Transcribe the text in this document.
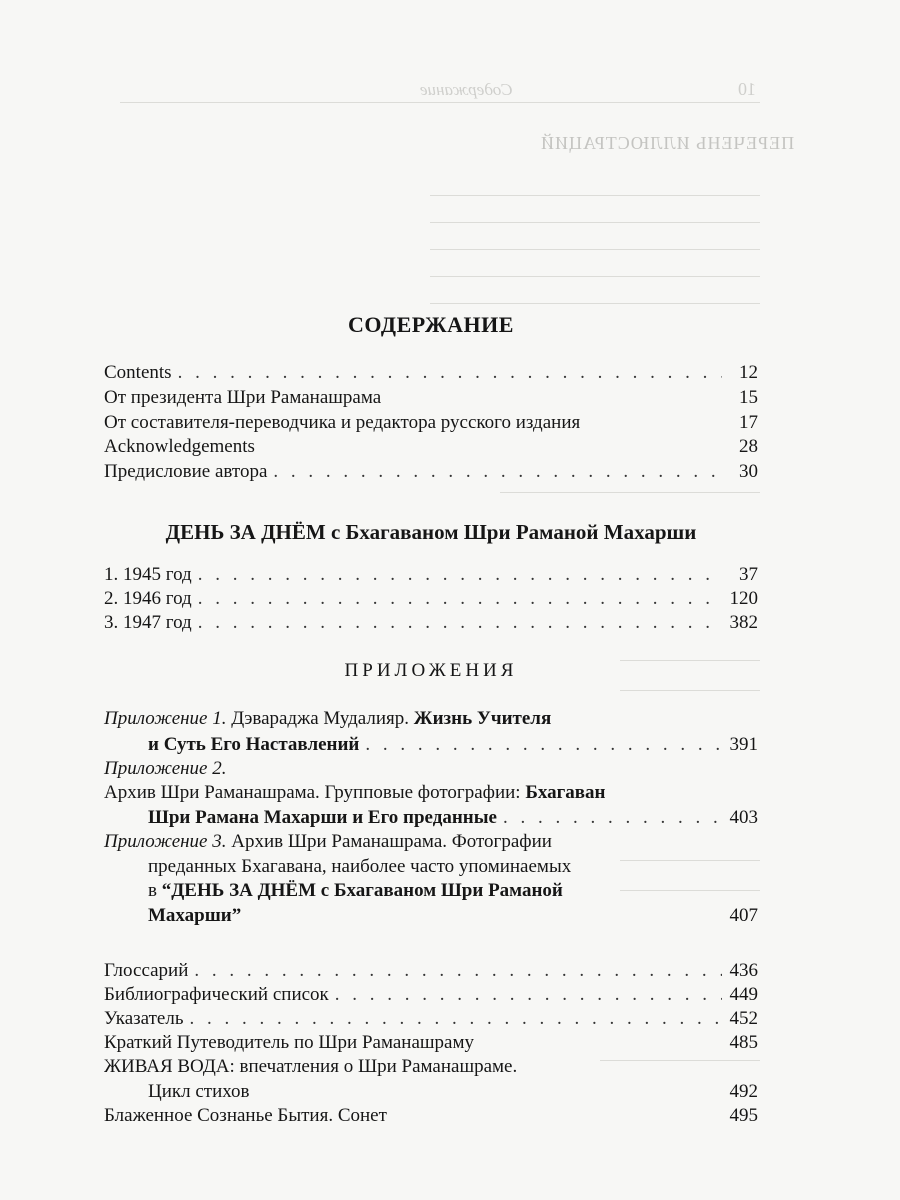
Содержание	10
ПЕРЕЧЕНЬ ИЛЛЮСТРАЦИЙ
СОДЕРЖАНИЕ
Contents . . .	12
От президента Шри Раманашрама	15
От составителя-переводчика и редактора русского издания	17
Acknowledgements	28
Предисловие автора . . .	30
ДЕНЬ ЗА ДНЁМ с Бхагаваном Шри Раманой Махарши
1. 1945 год . . .	37
2. 1946 год . . .	120
3. 1947 год . . .	382
ПРИЛОЖЕНИЯ
Приложение 1. Дэвараджа Мудалияр. Жизнь Учителя
и Суть Его Наставлений . . .	391
Приложение 2.
Архив Шри Раманашрама. Групповые фотографии: Бхагаван
Шри Рамана Махарши и Его преданные . . .	403
Приложение 3. Архив Шри Раманашрама. Фотографии
преданных Бхагавана, наиболее часто упоминаемых
в “ДЕНЬ ЗА ДНЁМ с Бхагаваном Шри Раманой
Махарши”	407
Глоссарий . . .	436
Библиографический список . . .	449
Указатель . . .	452
Краткий Путеводитель по Шри Раманашраму	485
ЖИВАЯ ВОДА: впечатления о Шри Раманашраме.
Цикл стихов	492
Блаженное Сознанье Бытия. Сонет	495
